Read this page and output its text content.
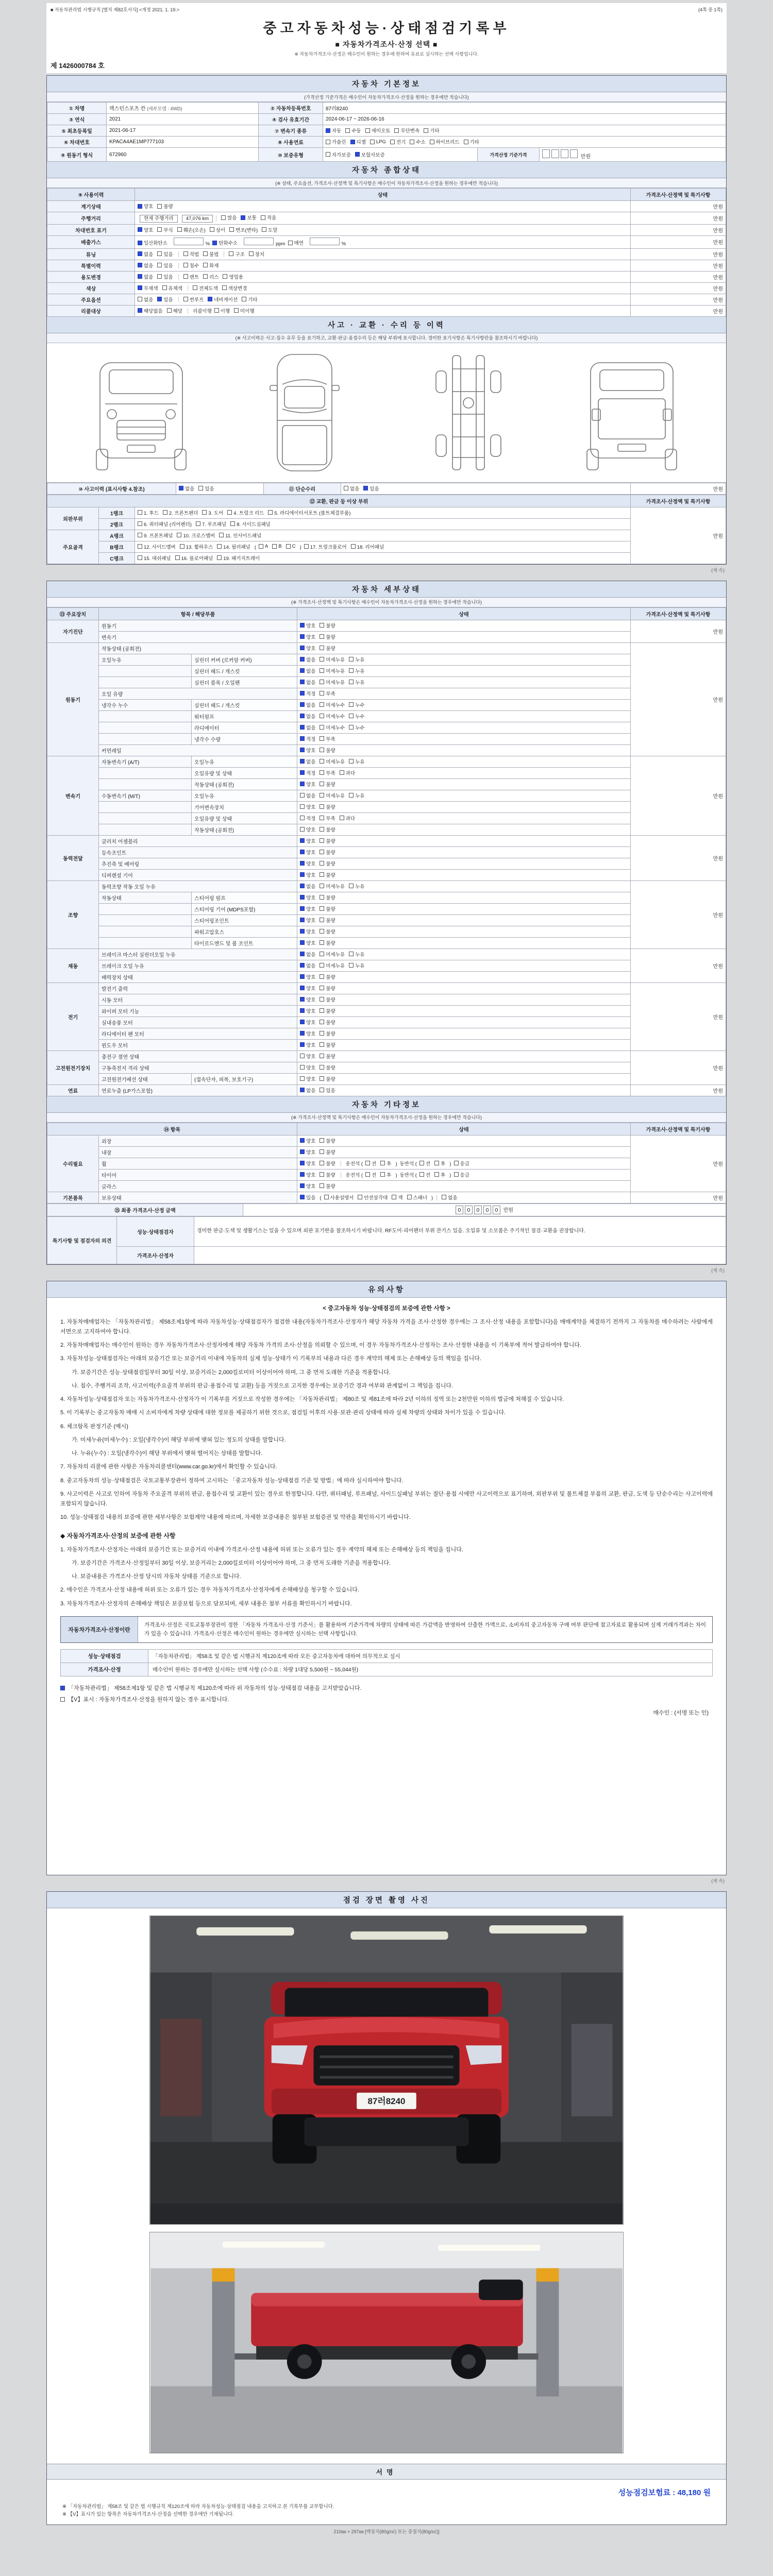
■ 자동차관리법 시행규칙 [별지 제82호서식] <개정 2021. 1. 19.>	(4쪽 중 1쪽)
중고자동차성능·상태점검기록부
■ 자동차가격조사·산정 선택 ■
※ 자동차가격조사·산정은 매수인이 원하는 경우에 한하여 유료로 실시하는 선택 사항입니다.
제 1426000784 호
자동차 기본정보
(가격산정 기준가격은 매수인이 자동차가격조사·산정을 원하는 경우에만 적습니다)
① 차명	렉스턴스포츠 칸 (세부모델 : 4WD)	② 자동차등록번호	87러8240		
③ 연식	2021	④ 검사 유효기간	2024-06-17 ~ 2026-06-16		
⑤ 최초등록일	2021-06-17	⑦ 변속기 종류	자동 수동 세미오토 무단변속 기타		

⑥ 차대번호	KPACA4AE1MP777103	⑧ 사용연료	가솔린 디젤 LPG 전기 수소 하이브리드 기타

⑨ 원동기 형식	672960	⑩ 보증유형	자가보증 보험사보증	가격산정 기준가격	만원
자동차 종합상태
(※ 상태, 주요옵션, 가격조사·산정액 및 특기사항은 매수인이 자동차가격조사·산정을 원하는 경우에만 적습니다)
⑨ 사용이력	상태	가격조사·산정액 및 특기사항
계기상태	양호 불량	만원
주행거리	현재 주행거리 47,076 km 많음 보통 적음	만원
차대번호 표기	양호 부식 훼손(오손) 상이 변조(변타) 도말	만원
배출가스	일산화탄소	% 탄화수소	ppm 매연	%	만원
튜닝	없음 있음	적법 불법	구조 장치	만원
특별이력	없음 있음 침수 화재	만원
용도변경	없음 있음 렌트 리스 영업용	만원
색상	무채색 유채색 전체도색 색상변경	만원
주요옵션	없음 있음 썬루프 네비게이션 기타	만원
리콜대상	해당없음 해당 리콜이행 이행 미이행	만원
사고 · 교환 · 수리 등 이력
(※ 사고이력은 사고·침수 유무 등을 표기하고, 교환·판금·용접수리 등은 해당 부위에 표시합니다. 경미한 표기사항은 특기사항란을 참조하시기 바랍니다)
⑩ 사고이력 (표시사항 4.참조)	없음 있음	⑪ 단순수리	없음 있음	만원
⑫ 교환, 판금 등 이상 부위			가격조사·산정액 및 특기사항
외판부위	1랭크	1. 후드 2. 프론트펜더 3. 도어 4. 트렁크 리드 5. 라디에이터서포트 (볼트체결부품)	만원
	2랭크	6. 쿼터패널 (리어펜더) 7. 루프패널 8. 사이드실패널	

주요골격	A랭크	9. 프론트패널 10. 크로스멤버 11. 인사이드패널	

B랭크	12. 사이드멤버 13. 휠하우스 14. 필러패널 ( A B C ) 17. 트렁크플로어 18. 리어패널

	C랭크	15. 대쉬패널 16. 플로어패널 19. 패키지트레이	
(계 속)
자동차 세부상태
(※ 가격조사·산정액 및 특기사항은 매수인이 자동차가격조사·산정을 원하는 경우에만 적습니다)
⑬ 주요장치	항목 / 해당부품		상태	가격조사·산정액 및 특기사항
자기진단	원동기		양호 불량	만원
	변속기		양호 불량	

원동기	작동상태 (공회전)		양호 불량	만원
	오일누유	실린더 커버 (로커암 커버)	없음 미세누유 누유	

		실린더 헤드 / 개스킷	없음 미세누유 누유	

		실린더 블록 / 오일팬	없음 미세누유 누유	

	오일 유량		적정 부족	

	냉각수 누수	실린더 헤드 / 개스킷	없음 미세누수 누수	

		워터펌프	없음 미세누수 누수	

		라디에이터	없음 미세누수 누수	

		냉각수 수량	적정 부족	

	커먼레일		양호 불량	

변속기	자동변속기 (A/T)	오일누유	없음 미세누유 누유	만원
		오일유량 및 상태	적정 부족 과다	

		작동상태 (공회전)	양호 불량	

	수동변속기 (M/T)	오일누유	없음 미세누유 누유	

		기어변속장치	양호 불량	

		오일유량 및 상태	적정 부족 과다	

		작동상태 (공회전)	양호 불량	

동력전달	클러치 어셈블리		양호 불량	만원
	등속조인트		양호 불량	

	추진축 및 베어링		양호 불량	

	디퍼렌셜 기어		양호 불량	

조향	동력조향 작동 오일 누유		없음 미세누유 누유	만원
	작동상태	스티어링 펌프	양호 불량	

		스티어링 기어 (MDPS포함)	양호 불량	

		스티어링조인트	양호 불량	

		파워고압호스	양호 불량	

		타이로드엔드 및 볼 조인트	양호 불량	

제동	브레이크 마스터 실린더오일 누유		없음 미세누유 누유	만원
	브레이크 오일 누유		없음 미세누유 누유	

	배력장치 상태		양호 불량	

전기	발전기 출력		양호 불량	만원
	시동 모터		양호 불량	

	와이퍼 모터 기능		양호 불량	

	실내송풍 모터		양호 불량	

	라디에이터 팬 모터		양호 불량	

	윈도우 모터		양호 불량	

고전원전기장치	충전구 절연 상태		양호 불량	만원
	구동축전지 격리 상태		양호 불량	

	고전원전기배선 상태	(접속단자, 피복, 보호기구)	양호 불량	

연료	연료누출 (LP가스포함)		없음 있음	만원
자동차 기타정보
(※ 가격조사·산정액 및 특기사항은 매수인이 자동차가격조사·산정을 원하는 경우에만 적습니다)
⑭ 항목		상태	가격조사·산정액 및 특기사항
수리필요	외장	양호 불량	만원
	내장	양호 불량	

휠	양호 불량 운전석 ( 전 후 ) 동반석 ( 전 후 ) 응급

타이어	양호 불량 운전석 ( 전 후 ) 동반석 ( 전 후 ) 응급

	글라스	양호 불량	

기본품목	보유상태	있음 ( 사용설명서 안전삼각대 잭 스패너 )	없음	만원
⑮ 최종 가격조사·산정 금액	0 0 0 0 0 만원
특기사항 및 점검자의 의견	성능·상태점검자	경미한 판금·도색 및 생활기스는 있을 수 있으며 외판 표기란을 참조하시기 바랍니다. RF도어·리어펜더 부위 잔기스 있음. 오일류 및 소모품은 주기적인 점검·교환을 권장합니다.
	가격조사·산정자	
(계 속)
유의사항
< 중고자동차 성능·상태점검의 보증에 관한 사항 >
1. 자동차매매업자는 「자동차관리법」 제58조제1항에 따라 자동차성능·상태점검자가 점검한 내용(자동차가격조사·산정자가 해당 자동차 가격을 조사·산정한 경우에는 그 조사·산정 내용을 포함합니다)을 매매계약을 체결하기 전까지 그 자동차를 매수하려는 사람에게 서면으로 고지하여야 합니다.
2. 자동차매매업자는 매수인이 원하는 경우 자동차가격조사·산정자에게 해당 자동차 가격의 조사·산정을 의뢰할 수 있으며, 이 경우 자동차가격조사·산정자는 조사·산정한 내용을 이 기록부에 적어 발급하여야 합니다.
3. 자동차성능·상태점검자는 아래의 보증기간 또는 보증거리 이내에 자동차의 실제 성능·상태가 이 기록부의 내용과 다른 경우 계약의 해제 또는 손해배상 등의 책임을 집니다.
가. 보증기간은 성능·상태점검일부터 30일 이상, 보증거리는 2,000킬로미터 이상이어야 하며, 그 중 먼저 도래한 기준을 적용합니다.
나. 침수, 주행거리 조작, 사고이력(주요골격 부위의 판금·용접수리 및 교환) 등을 거짓으로 고지한 경우에는 보증기간 경과 여부와 관계없이 그 책임을 집니다.
4. 자동차성능·상태점검자 또는 자동차가격조사·산정자가 이 기록부를 거짓으로 작성한 경우에는 「자동차관리법」 제80조 및 제81조에 따라 2년 이하의 징역 또는 2천만원 이하의 벌금에 처해질 수 있습니다.
5. 이 기록부는 중고자동차 매매 시 소비자에게 차량 상태에 대한 정보를 제공하기 위한 것으로, 점검일 이후의 사용·보관·관리 상태에 따라 실제 차량의 상태와 차이가 있을 수 있습니다.
6. 체크항목 판정기준 (예시)
가. 미세누유(미세누수) : 오일(냉각수)이 해당 부위에 맺혀 있는 정도의 상태를 말합니다.
나. 누유(누수) : 오일(냉각수)이 해당 부위에서 맺혀 떨어지는 상태를 말합니다.
7. 자동차의 리콜에 관한 사항은 자동차리콜센터(www.car.go.kr)에서 확인할 수 있습니다.
8. 중고자동차의 성능·상태점검은 국토교통부장관이 정하여 고시하는 「중고자동차 성능·상태점검 기준 및 방법」에 따라 실시하여야 합니다.
9. 사고이력은 사고로 인하여 자동차 주요골격 부위의 판금, 용접수리 및 교환이 있는 경우로 한정합니다. 다만, 쿼터패널, 루프패널, 사이드실패널 부위는 절단·용접 시에만 사고이력으로 표기하며, 외판부위 및 볼트체결 부품의 교환, 판금, 도색 등 단순수리는 사고이력에 포함되지 않습니다.
10. 성능·상태점검 내용의 보증에 관한 세부사항은 보험계약 내용에 따르며, 자세한 보증내용은 첨부된 보험증권 및 약관을 확인하시기 바랍니다.
◆ 자동차가격조사·산정의 보증에 관한 사항
1. 자동차가격조사·산정자는 아래의 보증기간 또는 보증거리 이내에 가격조사·산정 내용에 허위 또는 오류가 있는 경우 계약의 해제 또는 손해배상 등의 책임을 집니다.
가. 보증기간은 가격조사·산정일부터 30일 이상, 보증거리는 2,000킬로미터 이상이어야 하며, 그 중 먼저 도래한 기준을 적용합니다.
나. 보증내용은 가격조사·산정 당시의 자동차 상태를 기준으로 합니다.
2. 매수인은 가격조사·산정 내용에 허위 또는 오류가 있는 경우 자동차가격조사·산정자에게 손해배상을 청구할 수 있습니다.
3. 자동차가격조사·산정자의 손해배상 책임은 보증보험 등으로 담보되며, 세부 내용은 첨부 서류를 확인하시기 바랍니다.
자동차가격조사·산정이란
가격조사·산정은 국토교통부장관이 정한 「자동차 가격조사·산정 기준서」를 활용하여 기준가격에 차량의 상태에 따른 가감액을 반영하여 산출한 가액으로, 소비자의 중고자동차 구매 여부 판단에 참고자료로 활용되며 실제 거래가격과는 차이가 있을 수 있습니다. 가격조사·산정은 매수인이 원하는 경우에만 실시하는 선택 사항입니다.
성능·상태점검	「자동차관리법」 제58조 및 같은 법 시행규칙 제120조에 따라 모든 중고자동차에 대하여 의무적으로 실시
가격조사·산정	매수인이 원하는 경우에만 실시하는 선택 사항 (수수료 : 차량 1대당 5,500원 ~ 55,044원)
「자동차관리법」 제58조제1항 및 같은 법 시행규칙 제120조에 따라 위 자동차의 성능·상태점검 내용을 고지받았습니다.
【V】표시 : 자동차가격조사·산정을 원하지 않는 경우 표시합니다.
매수인 : (서명 또는 인)
(계 속)
점검 장면 촬영 사진
87러8240
서명
성능점검보험료 : 48,180 원
※ 「자동차관리법」 제58조 및 같은 법 시행규칙 제120조에 따라 자동차성능·상태점검 내용을 고지하고 본 기록부를 교부합니다.
※ 【V】표시가 있는 항목은 자동차가격조사·산정을 선택한 경우에만 기재됩니다.
210㎜ × 297㎜ [백상지(80g/㎡) 또는 중질지(80g/㎡)]
